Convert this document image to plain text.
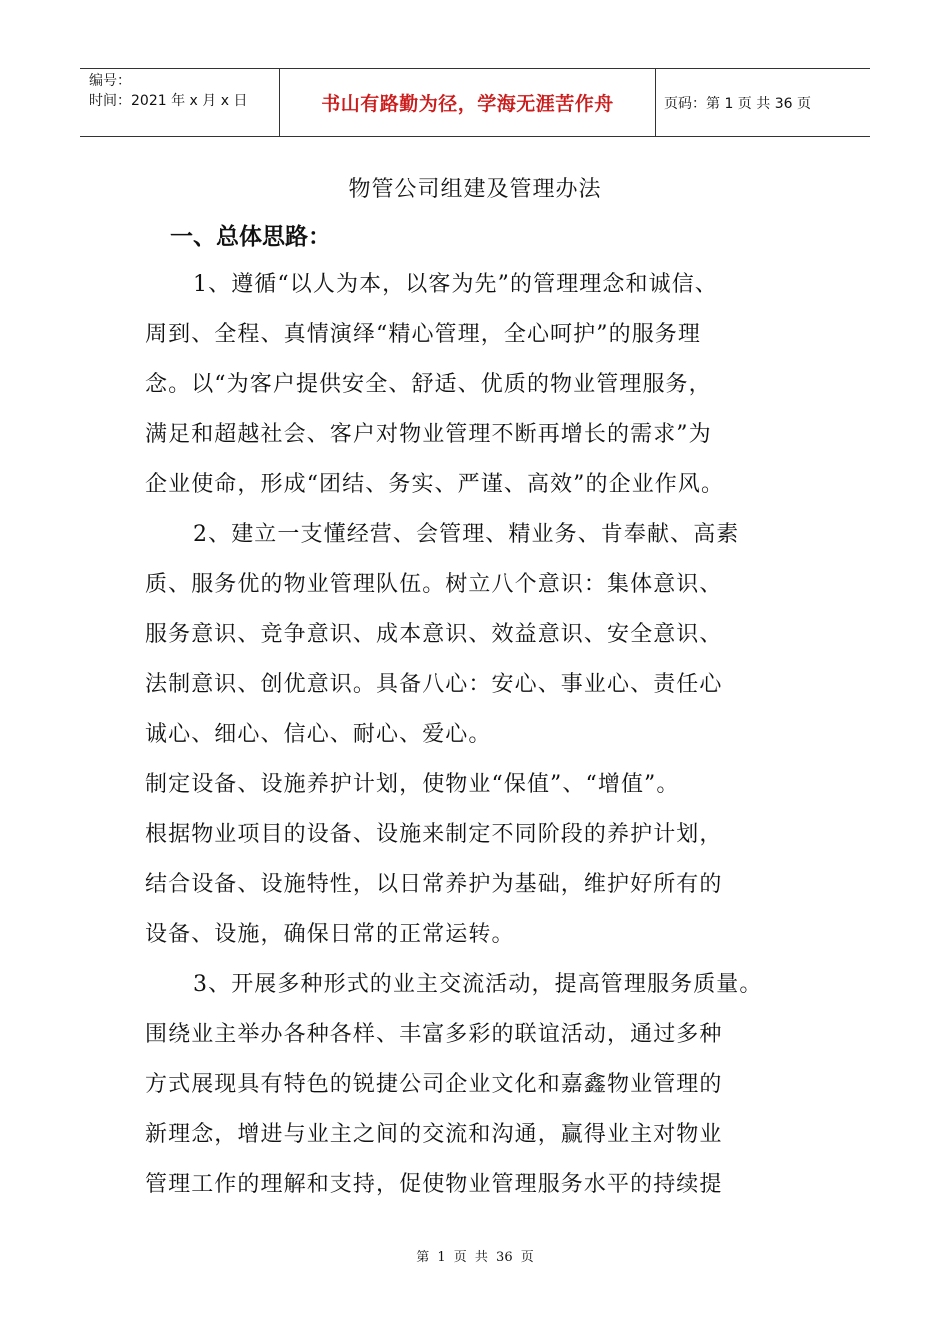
编号：
时间：2021 年 x 月 x 日	书山有路勤为径，学海无涯苦作舟	页码：第 1 页 共 36 页
物管公司组建及管理办法
一、总体思路：
1、遵循“以人为本，以客为先”的管理理念和诚信、
周到、全程、真情演绎“精心管理，全心呵护”的服务理
念。以“为客户提供安全、舒适、优质的物业管理服务，
满足和超越社会、客户对物业管理不断再增长的需求”为
企业使命，形成“团结、务实、严谨、高效”的企业作风。
2、建立一支懂经营、会管理、精业务、肯奉献、高素
质、服务优的物业管理队伍。树立八个意识：集体意识、
服务意识、竞争意识、成本意识、效益意识、安全意识、
法制意识、创优意识。具备八心：安心、事业心、责任心
诚心、细心、信心、耐心、爱心。
制定设备、设施养护计划，使物业“保值”、“增值”。
根据物业项目的设备、设施来制定不同阶段的养护计划，
结合设备、设施特性，以日常养护为基础，维护好所有的
设备、设施，确保日常的正常运转。
3、开展多种形式的业主交流活动，提高管理服务质量。
围绕业主举办各种各样、丰富多彩的联谊活动，通过多种
方式展现具有特色的锐捷公司企业文化和嘉鑫物业管理的
新理念，增进与业主之间的交流和沟通，赢得业主对物业
管理工作的理解和支持，促使物业管理服务水平的持续提
第 1 页 共 36 页
